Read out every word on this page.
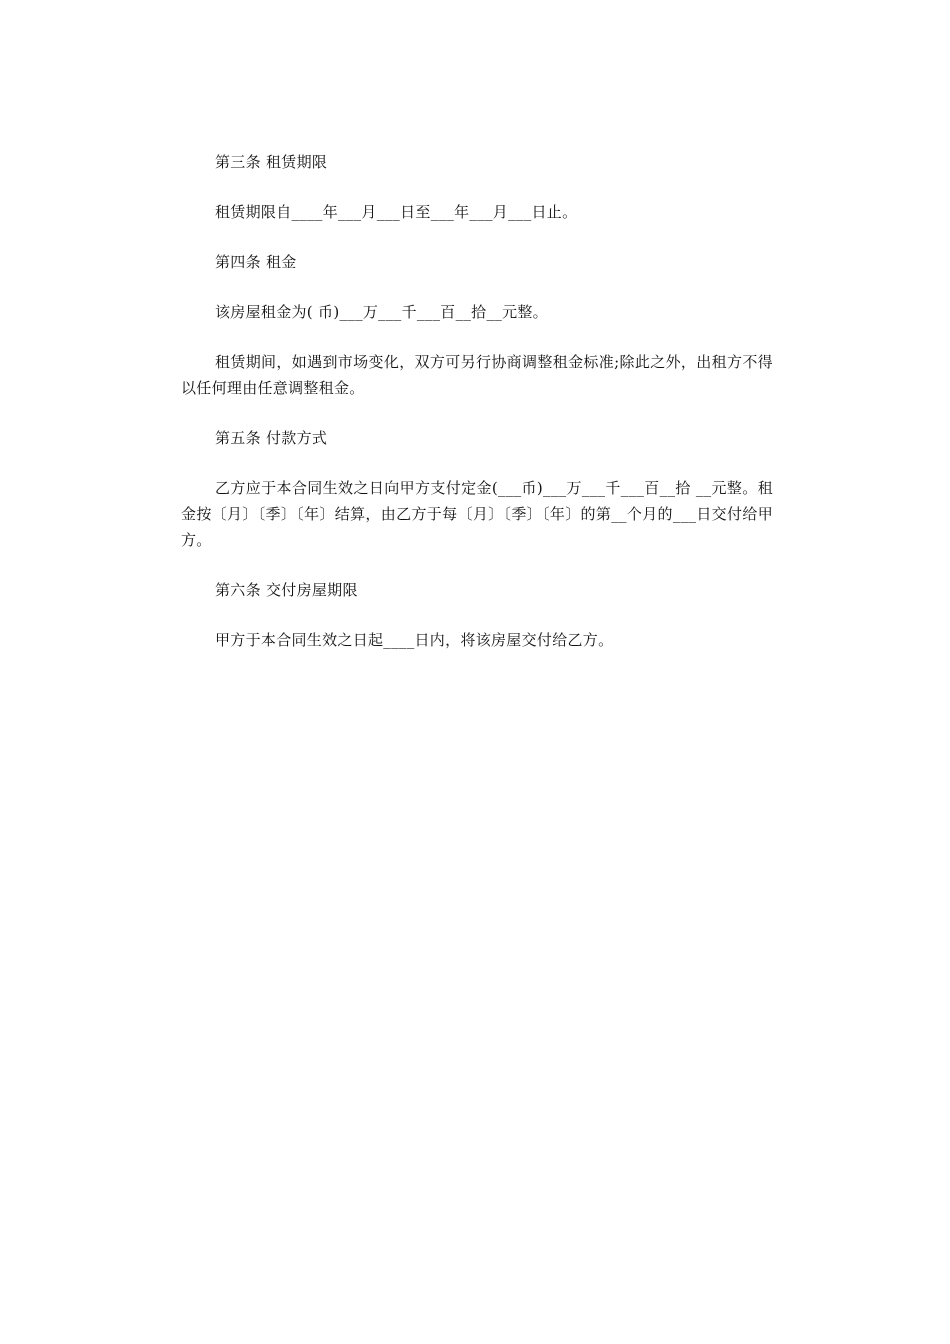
第三条 租赁期限

租赁期限自____年___月___日至___年___月___日止。

第四条 租金

该房屋租金为( 币)___万___千___百__拾__元整。

租赁期间，如遇到市场变化，双方可另行协商调整租金标准;除此之外，出租方不得以任何理由任意调整租金。

第五条 付款方式

乙方应于本合同生效之日向甲方支付定金(___币)___万___千___百__拾 __元整。租金按〔月〕〔季〕〔年〕结算，由乙方于每〔月〕〔季〕〔年〕的第__个月的___日交付给甲方。

第六条 交付房屋期限

甲方于本合同生效之日起____日内，将该房屋交付给乙方。
